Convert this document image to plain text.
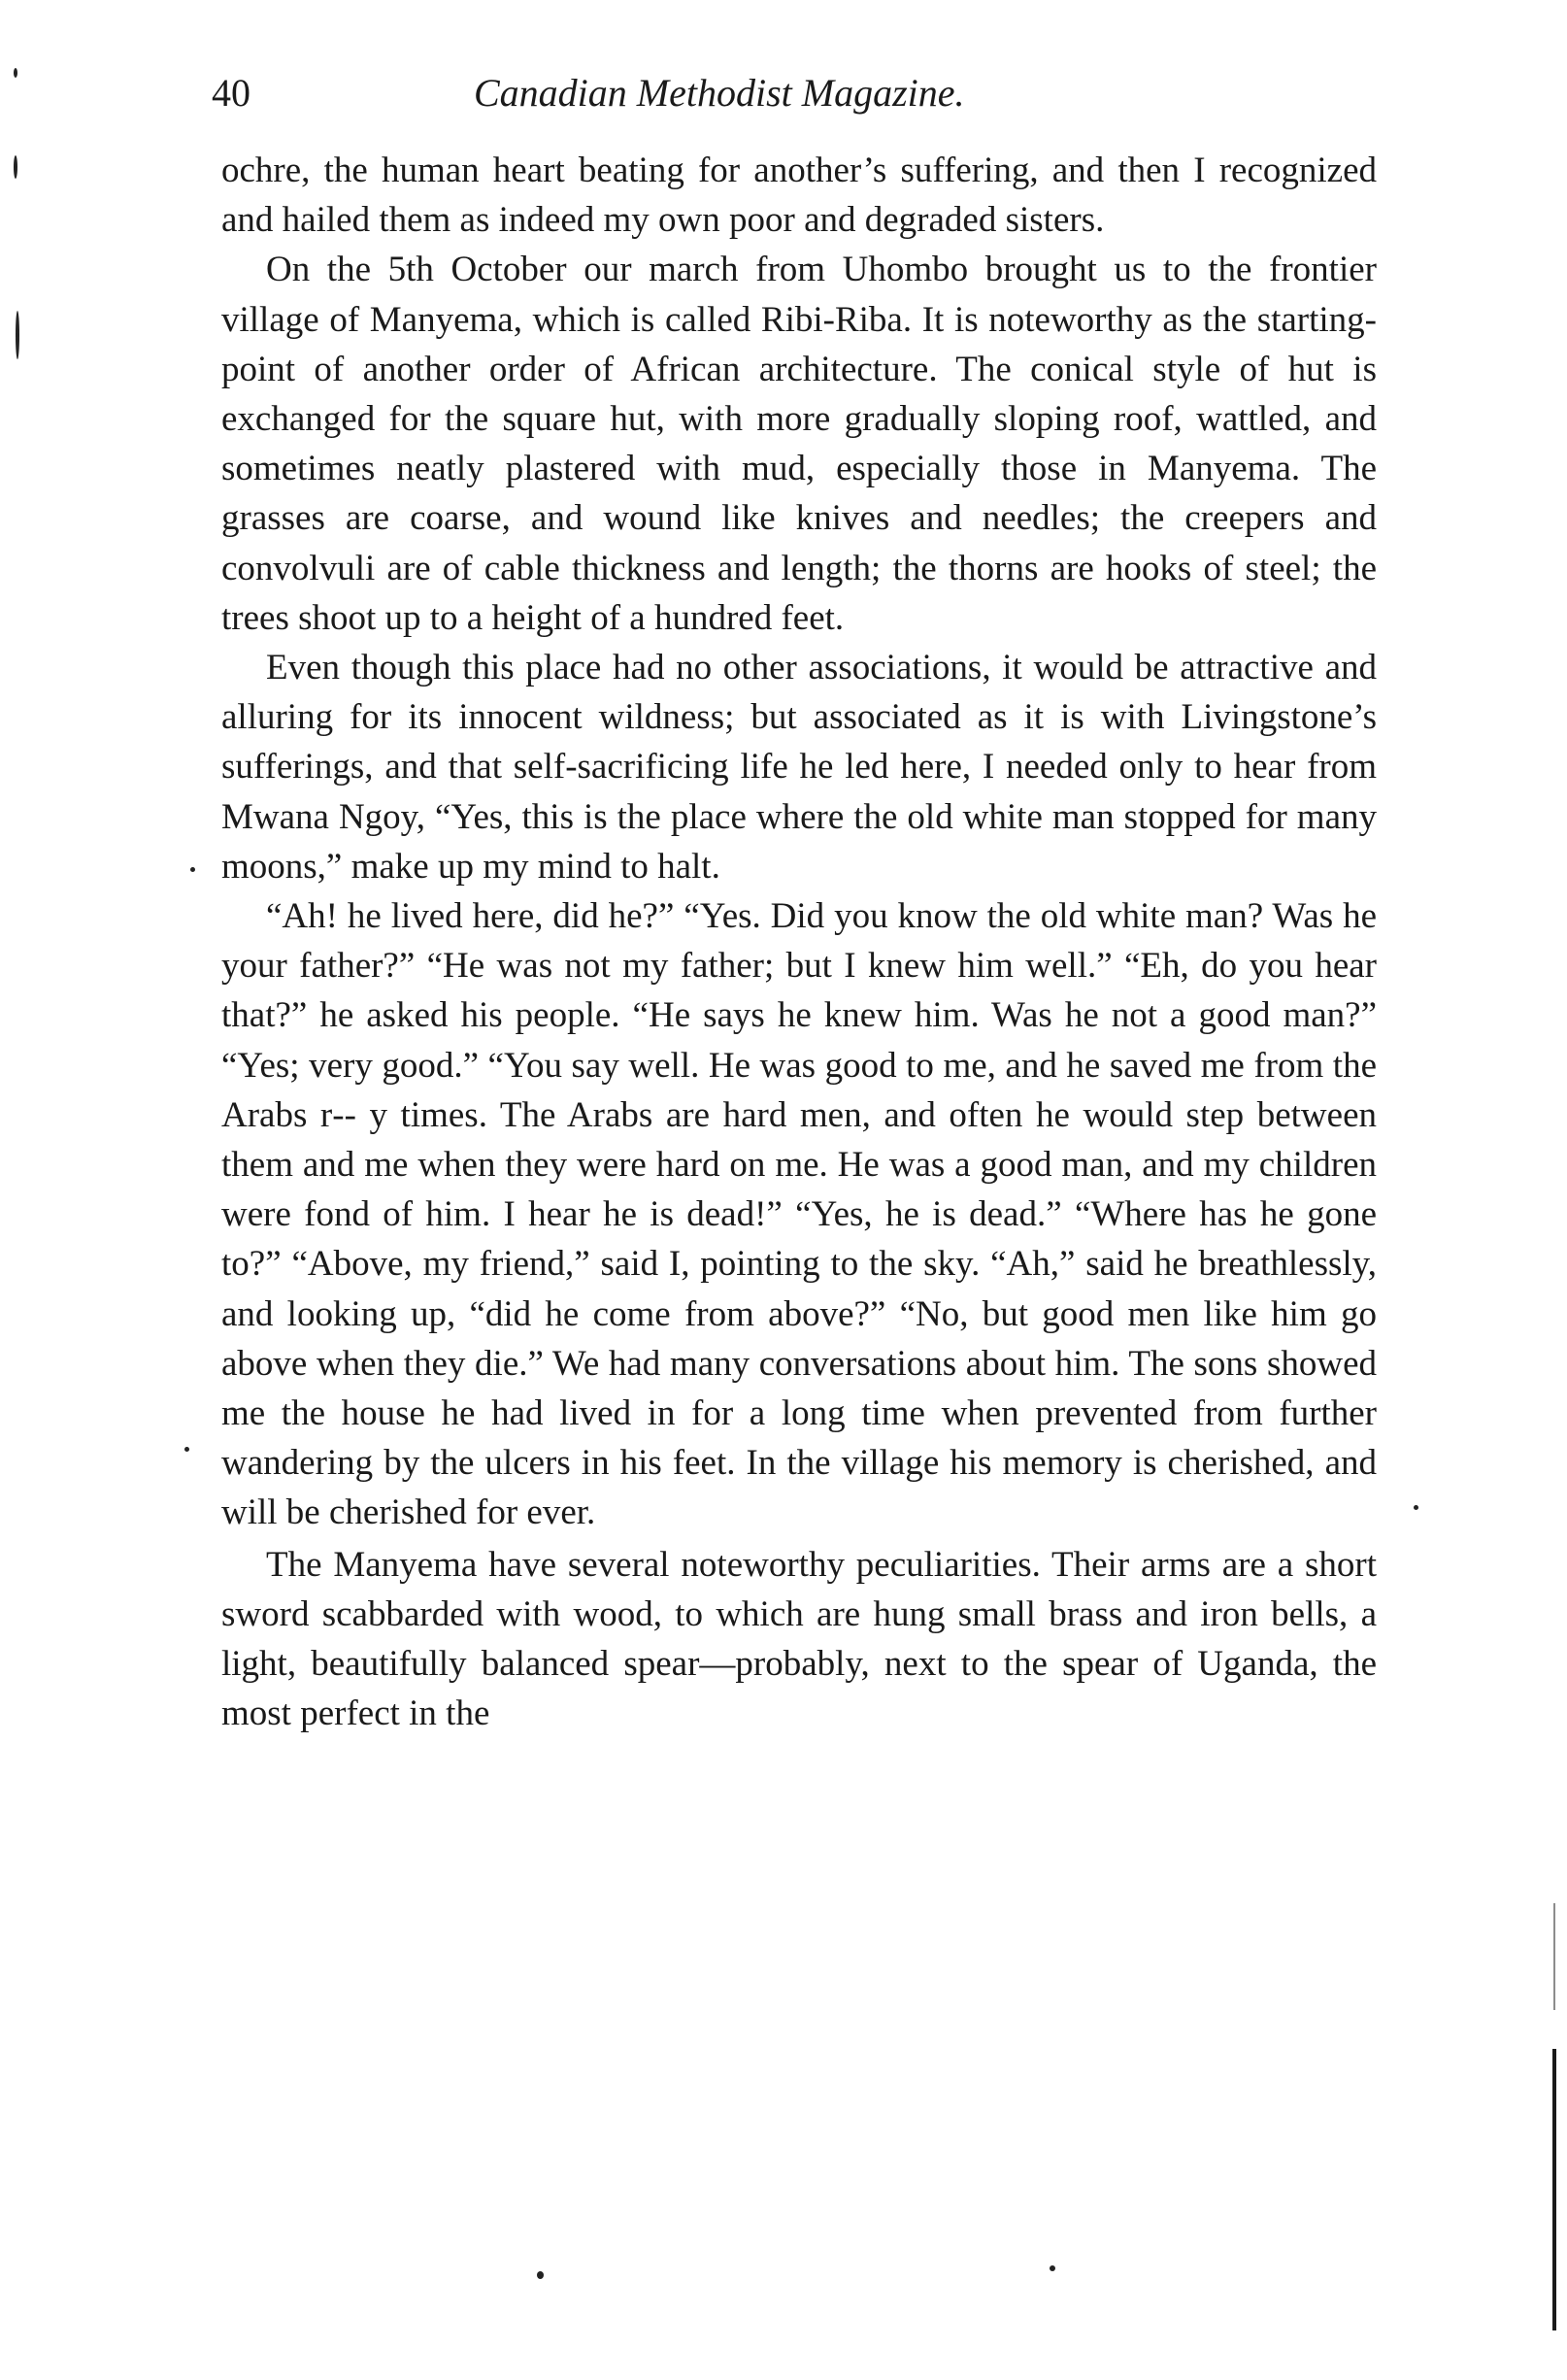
40	Canadian Methodist Magazine.

ochre, the human heart beating for another’s suffering, and then I recognized and hailed them as indeed my own poor and degraded sisters.

On the 5th October our march from Uhombo brought us to the frontier village of Manyema, which is called Ribi-Riba. It is noteworthy as the starting-point of another order of African architecture. The conical style of hut is exchanged for the square hut, with more gradually sloping roof, wattled, and sometimes neatly plastered with mud, especially those in Manyema. The grasses are coarse, and wound like knives and needles; the creepers and convolvuli are of cable thickness and length; the thorns are hooks of steel; the trees shoot up to a height of a hundred feet.

Even though this place had no other associations, it would be attractive and alluring for its innocent wildness; but associated as it is with Livingstone’s sufferings, and that self-sacrificing life he led here, I needed only to hear from Mwana Ngoy, “Yes, this is the place where the old white man stopped for many moons,” make up my mind to halt.

“Ah! he lived here, did he?” “Yes. Did you know the old white man? Was he your father?” “He was not my father; but I knew him well.” “Eh, do you hear that?” he asked his people. “He says he knew him. Was he not a good man?” “Yes; very good.” “You say well. He was good to me, and he saved me from the Arabs r‐‐ y times. The Arabs are hard men, and often he would step between them and me when they were hard on me. He was a good man, and my children were fond of him. I hear he is dead!” “Yes, he is dead.” “Where has he gone to?” “Above, my friend,” said I, pointing to the sky. “Ah,” said he breathlessly, and looking up, “did he come from above?” “No, but good men like him go above when they die.” We had many conversations about him. The sons showed me the house he had lived in for a long time when prevented from further wandering by the ulcers in his feet. In the village his memory is cherished, and will be cherished for ever.

The Manyema have several noteworthy peculiarities. Their arms are a short sword scabbarded with wood, to which are hung small brass and iron bells, a light, beautifully balanced spear—probably, next to the spear of Uganda, the most perfect in the
